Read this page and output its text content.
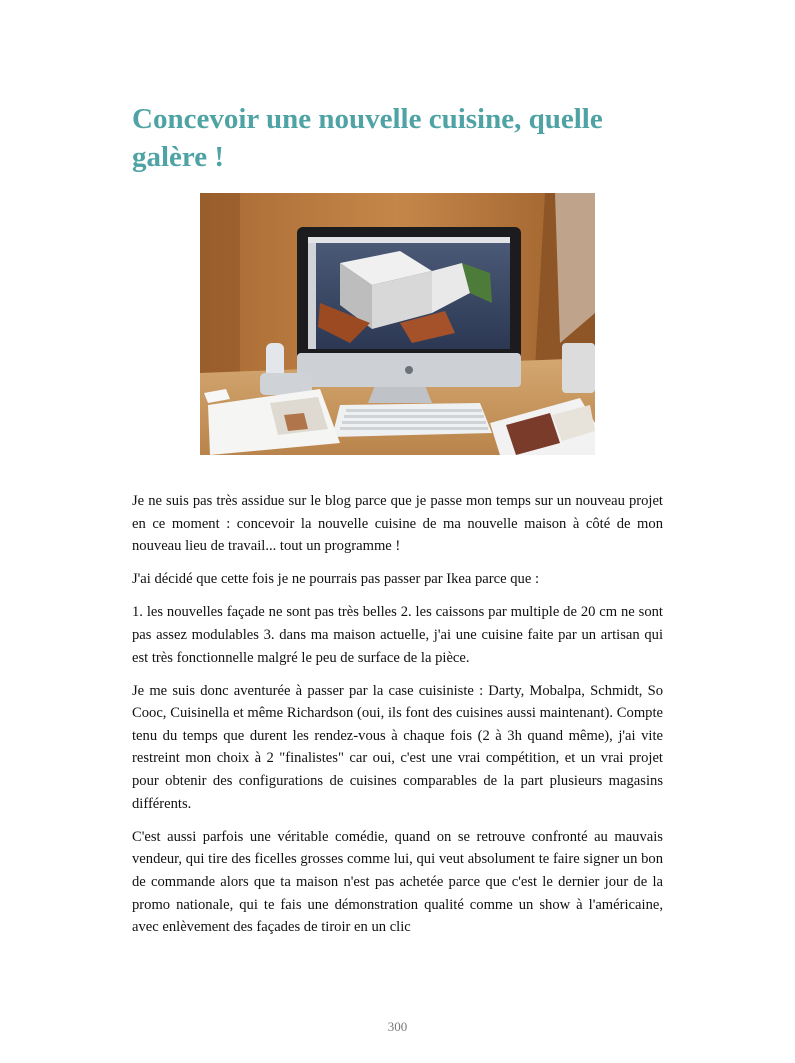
Concevoir une nouvelle cuisine, quelle galère !

Je ne suis pas très assidue sur le blog parce que je passe mon temps sur un nouveau projet en ce moment : concevoir la nouvelle cuisine de ma nouvelle maison à côté de mon nouveau lieu de travail... tout un programme !

J'ai décidé que cette fois je ne pourrais pas passer par Ikea parce que :

1. les nouvelles façade ne sont pas très belles 2. les caissons par multiple de 20 cm ne sont pas assez modulables 3. dans ma maison actuelle, j'ai une cuisine faite par un artisan qui est très fonctionnelle malgré le peu de surface de la pièce.

Je me suis donc aventurée à passer par la case cuisiniste : Darty, Mobalpa, Schmidt, So Cooc, Cuisinella et même Richardson (oui, ils font des cuisines aussi maintenant). Compte tenu du temps que durent les rendez-vous à chaque fois (2 à 3h quand même), j'ai vite restreint mon choix à 2 "finalistes" car oui, c'est une vrai compétition, et un vrai projet pour obtenir des configurations de cuisines comparables de la part plusieurs magasins différents.

C'est aussi parfois une véritable comédie, quand on se retrouve confronté au mauvais vendeur, qui tire des ficelles grosses comme lui, qui veut absolument te faire signer un bon de commande alors que ta maison n'est pas achetée parce que c'est le dernier jour de la promo nationale, qui te fais une démonstration qualité comme un show à l'américaine, avec enlèvement des façades de tiroir en un clic

300
